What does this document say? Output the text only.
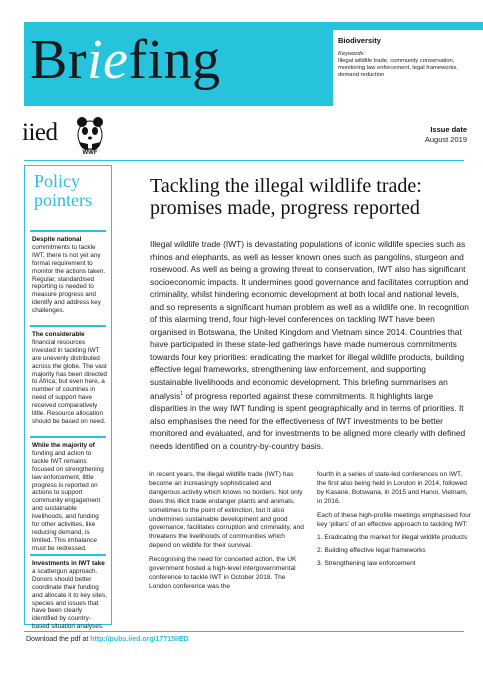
Briefing	Biodiversity
Keywords:
Illegal wildlife trade, community conservation, monitoring law enforcement, legal frameworks, demand reduction
iied
WWF
Issue date
August 2019
Policy
pointers
Despite national commitments to tackle IWT, there is not yet any formal requirement to monitor the actions taken. Regular, standardised reporting is needed to measure progress and identify and address key challenges.
The considerable financial resources invested in tackling IWT are unevenly distributed across the globe. The vast majority has been directed to Africa; but even here, a number of countries in need of support have received comparatively little. Resource allocation should be based on need.
While the majority of funding and action to tackle IWT remains focused on strengthening law enforcement, little progress is reported on actions to support community engagement and sustainable livelihoods, and funding for other activities, like reducing demand, is limited. This imbalance must be redressed.
Investments in IWT take a scattergun approach. Donors should better coordinate their funding and allocate it to key sites, species and issues that have been clearly identified by country-based situation analyses.
Tackling the illegal wildlife trade: promises made, progress reported
Illegal wildlife trade (IWT) is devastating populations of iconic wildlife species such as rhinos and elephants, as well as lesser known ones such as pangolins, sturgeon and rosewood. As well as being a growing threat to conservation, IWT also has significant socioeconomic impacts. It undermines good governance and facilitates corruption and criminality, whilst hindering economic development at both local and national levels, and so represents a significant human problem as well as a wildlife one. In recognition of this alarming trend, four high-level conferences on tackling IWT have been organised in Botswana, the United Kingdom and Vietnam since 2014. Countries that have participated in these state-led gatherings have made numerous commitments towards four key priorities: eradicating the market for illegal wildlife products, building effective legal frameworks, strengthening law enforcement, and supporting sustainable livelihoods and economic development. This briefing summarises an analysis$^1$ of progress reported against these commitments. It highlights large disparities in the way IWT funding is spent geographically and in terms of priorities. It also emphasises the need for the effectiveness of IWT investments to be better monitored and evaluated, and for investments to be aligned more clearly with defined needs identified on a country-by-country basis.

In recent years, the illegal wildlife trade (IWT) has become an increasingly sophisticated and dangerous activity which knows no borders. Not only does this illicit trade endanger plants and animals, sometimes to the point of extinction, but it also undermines sustainable development and good governance, facilitates corruption and criminality, and threatens the livelihoods of communities which depend on wildlife for their survival.

Recognising the need for concerted action, the UK government hosted a high-level intergovernmental conference to tackle IWT in October 2018. The London conference was the

fourth in a series of state-led conferences on IWT, the first also being held in London in 2014, followed by Kasane, Botswana, in 2015 and Hanoi, Vietnam, in 2016.

Each of these high-profile meetings emphasised four key ‘pillars’ of an effective approach to tackling IWT:

1. Eradicating the market for illegal wildlife products
2. Building effective legal frameworks
3. Strengthening law enforcement
Download the pdf at http://pubs.iied.org/17715IIED
